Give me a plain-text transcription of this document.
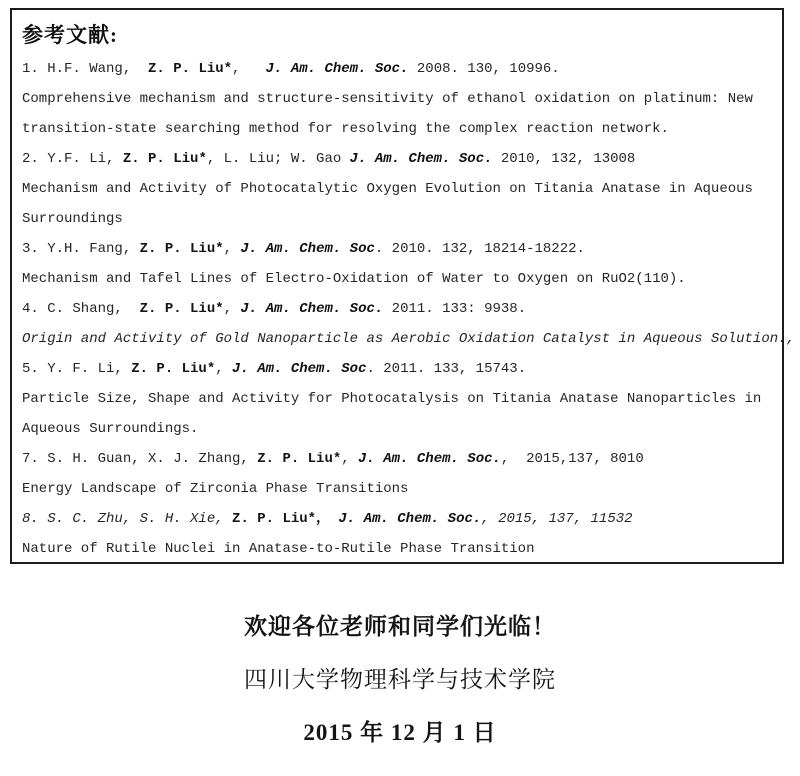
参考文献:

1. H.F. Wang,  Z. P. Liu*,   J. Am. Chem. Soc. 2008. 130, 10996.

Comprehensive mechanism and structure-sensitivity of ethanol oxidation on platinum: New

transition-state searching method for resolving the complex reaction network.

2. Y.F. Li, Z. P. Liu*, L. Liu; W. Gao J. Am. Chem. Soc. 2010, 132, 13008

Mechanism and Activity of Photocatalytic Oxygen Evolution on Titania Anatase in Aqueous

Surroundings

3. Y.H. Fang, Z. P. Liu*, J. Am. Chem. Soc. 2010. 132, 18214-18222.

Mechanism and Tafel Lines of Electro-Oxidation of Water to Oxygen on RuO2(110).

4. C. Shang,  Z. P. Liu*, J. Am. Chem. Soc. 2011. 133: 9938.

Origin and Activity of Gold Nanoparticle as Aerobic Oxidation Catalyst in Aqueous Solution.,

5. Y. F. Li, Z. P. Liu*, J. Am. Chem. Soc. 2011. 133, 15743.

Particle Size, Shape and Activity for Photocatalysis on Titania Anatase Nanoparticles in

Aqueous Surroundings.

7. S. H. Guan, X. J. Zhang, Z. P. Liu*, J. Am. Chem. Soc.,  2015,137, 8010

Energy Landscape of Zirconia Phase Transitions

8. S. C. Zhu, S. H. Xie, Z. P. Liu*， J. Am. Chem. Soc., 2015, 137, 11532

Nature of Rutile Nuclei in Anatase-to-Rutile Phase Transition

欢迎各位老师和同学们光临！

四川大学物理科学与技术学院

2015 年 12 月 1 日
